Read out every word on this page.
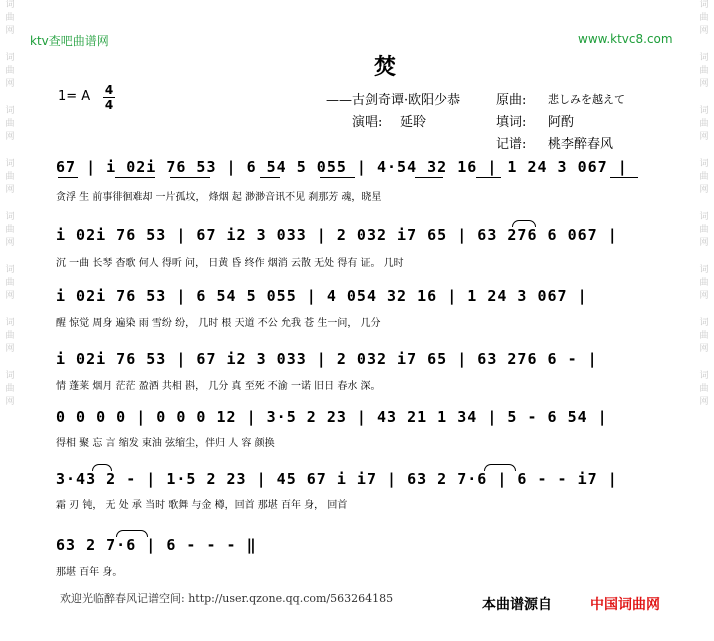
词
曲
网
词
曲
网
词
曲
网
词
曲
网
词
曲
网
词
曲
网
词
曲
网
词
曲
网
词
曲
网
词
曲
网
词
曲
网
词
曲
网
词
曲
网
词
曲
网
词
曲
网
词
曲
网
ktv查吧曲谱网	www.ktvc8.com
焚
1= A 4
4	——古剑奇谭·欧阳少恭
演唱: 延聆
原曲: 悲しみを越えて
填词: 阿酌
记谱: 桃李醉春风
67 | i 02i 76 53 | 6 54 5 055 | 4·54 32 16 | 1 24 3 067 |
贪浮 生 前事徘徊难却 一片孤坟， 烽烟 起 渺渺音讯不见 刹那芳 魂，晓星
i 02i 76 53 | 67 i2 3 033 | 2 032 i7 65 | 63 276 6 067 |
沉 一曲 长琴 杳歌 何人 得听 问， 日黄 昏 终作 烟消 云散 无处 得有 证。 几时
i 02i 76 53 | 6 54 5 055 | 4 054 32 16 | 1 24 3 067 |
醒 惊觉 周身 遍染 雨 雪纷 纷， 几时 根 天道 不公 允我 苍 生一问， 几分
i 02i 76 53 | 67 i2 3 033 | 2 032 i7 65 | 63 276 6 - |
情 蓬莱 烟月 茫茫 盈酒 共相 斟， 几分 真 至死 不渝 一诺 旧日 春水 深。
0 0 0 0 | 0 0 0 12 | 3·5 2 23 | 43 21 1 34 | 5 - 6 54 |
得相 聚 忘 言 缩发 束油 弦缩尘，伴归 人 容 颜换
3·43 2 - | 1·5 2 23 | 45 67 i i7 | 63 2 7·6 | 6 - - i7 |
霜 刃 钝， 无 处 承 当时 歌舞 与金 樽，回首 那堪 百年 身， 回首
63 2 7·6 | 6 - - - ‖
那堪 百年 身。
欢迎光临醉春风记谱空间: http://user.qzone.qq.com/563264185	本曲谱源自	中国词曲网
